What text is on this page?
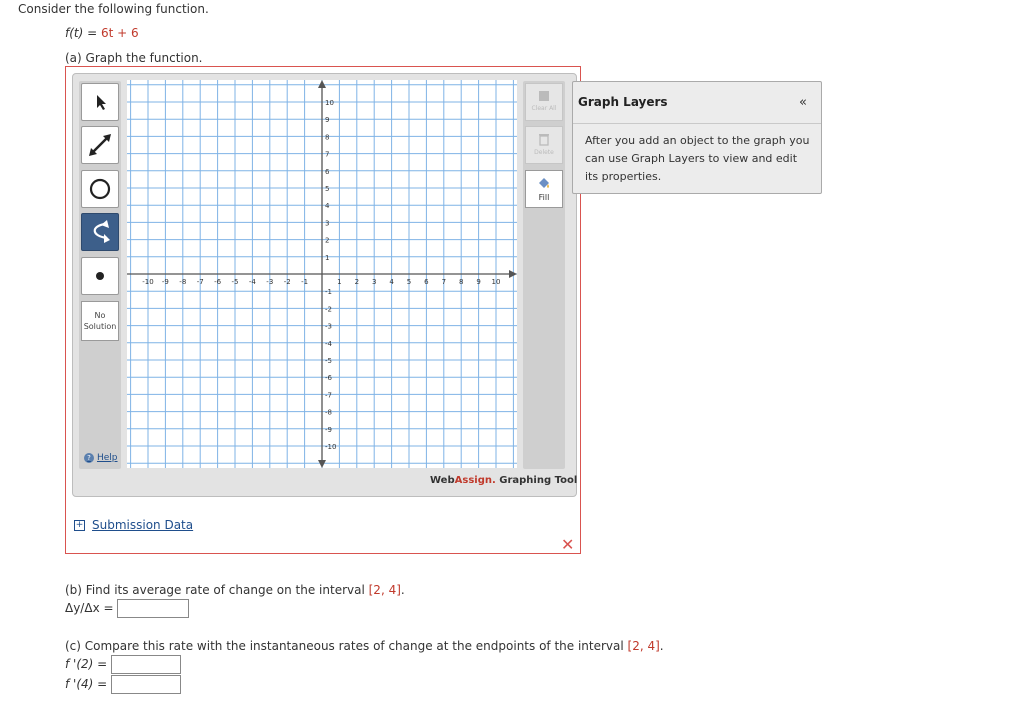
Consider the following function.
f(t) = 6t + 6
(a) Graph the function.
No
Solution
? Help
-10 -9 -8 -7 -6 -5 -4 -3 -2 -1	1 2 3 4 5 6 7 8 9 10
10
9
8
7
6
5
4
3
2
1
-1
-2
-3
-4
-5
-6
-7
-8
-9
-10
Clear All
Delete
Fill
WebAssign. Graphing Tool
Graph Layers	«
After you add an object to the graph you can use Graph Layers to view and edit its properties.
+ Submission Data
✕
(b) Find its average rate of change on the interval [2, 4].
Δy/Δx =
(c) Compare this rate with the instantaneous rates of change at the endpoints of the interval [2, 4].
f '(2) =
f '(4) =
